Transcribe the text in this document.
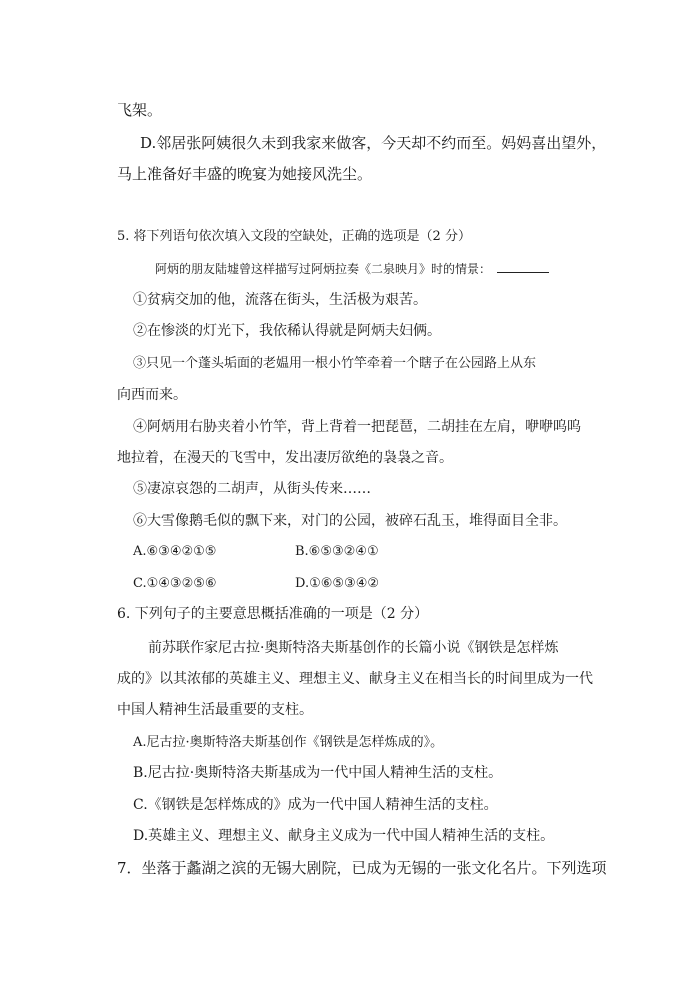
飞架。
D.邻居张阿姨很久未到我家来做客，今天却不约而至。妈妈喜出望外，
马上准备好丰盛的晚宴为她接风洗尘。
5. 将下列语句依次填入文段的空缺处，正确的选项是（2 分）
阿炳的朋友陆墟曾这样描写过阿炳拉奏《二泉映月》时的情景：
①贫病交加的他，流落在街头，生活极为艰苦。
②在惨淡的灯光下，我依稀认得就是阿炳夫妇俩。
③只见一个蓬头垢面的老媪用一根小竹竿牵着一个瞎子在公园路上从东
向西而来。
④阿炳用右胁夹着小竹竿，背上背着一把琵琶，二胡挂在左肩，咿咿呜呜
地拉着，在漫天的飞雪中，发出凄厉欲绝的袅袅之音。
⑤凄凉哀怨的二胡声，从街头传来……
⑥大雪像鹅毛似的飘下来，对门的公园，被碎石乱玉，堆得面目全非。
A.⑥③④②①⑤	B.⑥⑤③②④①
C.①④③②⑤⑥	D.①⑥⑤③④②
6. 下列句子的主要意思概括准确的一项是（2 分）
前苏联作家尼古拉·奥斯特洛夫斯基创作的长篇小说《钢铁是怎样炼
成的》以其浓郁的英雄主义、理想主义、献身主义在相当长的时间里成为一代
中国人精神生活最重要的支柱。
A.尼古拉·奥斯特洛夫斯基创作《钢铁是怎样炼成的》。
B.尼古拉·奥斯特洛夫斯基成为一代中国人精神生活的支柱。
C.《钢铁是怎样炼成的》成为一代中国人精神生活的支柱。
D.英雄主义、理想主义、献身主义成为一代中国人精神生活的支柱。
7．坐落于蠡湖之滨的无锡大剧院，已成为无锡的一张文化名片。下列选项
